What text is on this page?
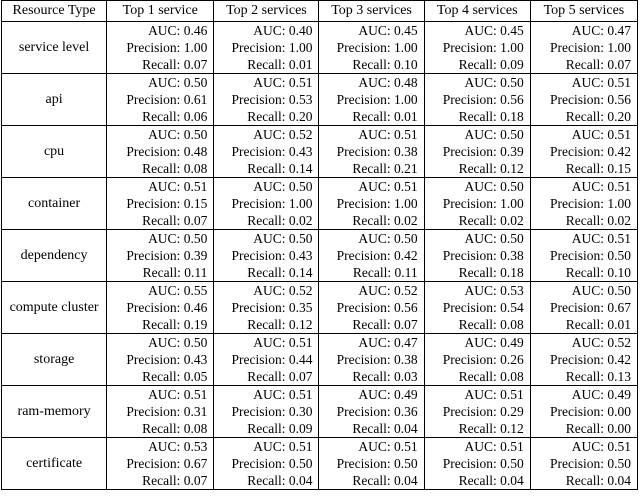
Resource Type	Top 1 service	Top 2 services	Top 3 services	Top 4 services	Top 5 services
service level	AUC: 0.46
Precision: 1.00
Recall: 0.07	AUC: 0.40
Precision: 1.00
Recall: 0.01	AUC: 0.45
Precision: 1.00
Recall: 0.10	AUC: 0.45
Precision: 1.00
Recall: 0.09	AUC: 0.47
Precision: 1.00
Recall: 0.07

api	AUC: 0.50
Precision: 0.61
Recall: 0.06	AUC: 0.51
Precision: 0.53
Recall: 0.20	AUC: 0.48
Precision: 1.00
Recall: 0.01	AUC: 0.50
Precision: 0.56
Recall: 0.18	AUC: 0.51
Precision: 0.56
Recall: 0.20

cpu	AUC: 0.50
Precision: 0.48
Recall: 0.08	AUC: 0.52
Precision: 0.43
Recall: 0.14	AUC: 0.51
Precision: 0.38
Recall: 0.21	AUC: 0.50
Precision: 0.39
Recall: 0.12	AUC: 0.51
Precision: 0.42
Recall: 0.15

container	AUC: 0.51
Precision: 0.15
Recall: 0.07	AUC: 0.50
Precision: 1.00
Recall: 0.02	AUC: 0.51
Precision: 1.00
Recall: 0.02	AUC: 0.50
Precision: 1.00
Recall: 0.02	AUC: 0.51
Precision: 1.00
Recall: 0.02

dependency	AUC: 0.50
Precision: 0.39
Recall: 0.11	AUC: 0.50
Precision: 0.43
Recall: 0.14	AUC: 0.50
Precision: 0.42
Recall: 0.11	AUC: 0.50
Precision: 0.38
Recall: 0.18	AUC: 0.51
Precision: 0.50
Recall: 0.10

compute cluster	AUC: 0.55
Precision: 0.46
Recall: 0.19	AUC: 0.52
Precision: 0.35
Recall: 0.12	AUC: 0.52
Precision: 0.56
Recall: 0.07	AUC: 0.53
Precision: 0.54
Recall: 0.08	AUC: 0.50
Precision: 0.67
Recall: 0.01

storage	AUC: 0.50
Precision: 0.43
Recall: 0.05	AUC: 0.51
Precision: 0.44
Recall: 0.07	AUC: 0.47
Precision: 0.38
Recall: 0.03	AUC: 0.49
Precision: 0.26
Recall: 0.08	AUC: 0.52
Precision: 0.42
Recall: 0.13

ram-memory	AUC: 0.51
Precision: 0.31
Recall: 0.08	AUC: 0.51
Precision: 0.30
Recall: 0.09	AUC: 0.49
Precision: 0.36
Recall: 0.04	AUC: 0.51
Precision: 0.29
Recall: 0.12	AUC: 0.49
Precision: 0.00
Recall: 0.00

certificate	AUC: 0.53
Precision: 0.67
Recall: 0.07	AUC: 0.51
Precision: 0.50
Recall: 0.04	AUC: 0.51
Precision: 0.50
Recall: 0.04	AUC: 0.51
Precision: 0.50
Recall: 0.04	AUC: 0.51
Precision: 0.50
Recall: 0.04
